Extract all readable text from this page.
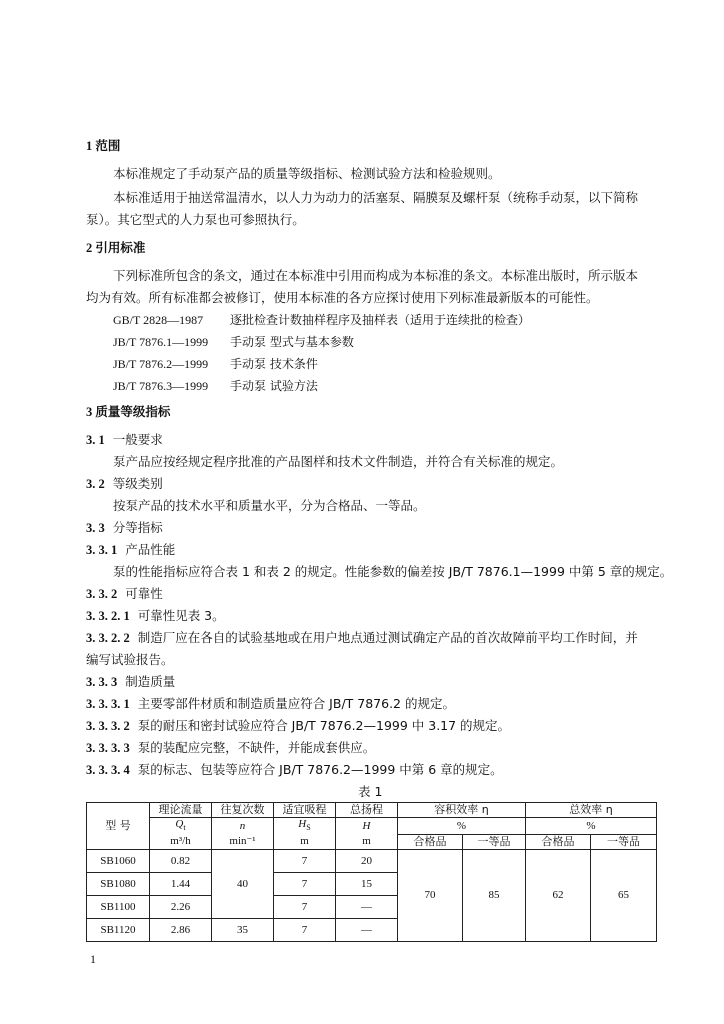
1 范围
本标准规定了手动泵产品的质量等级指标、检测试验方法和检验规则。
本标准适用于抽送常温清水，以人力为动力的活塞泵、隔膜泵及螺杆泵（统称手动泵，以下简称
泵）。其它型式的人力泵也可参照执行。
2 引用标准
下列标准所包含的条文，通过在本标准中引用而构成为本标准的条文。本标准出版时，所示版本
均为有效。所有标准都会被修订，使用本标准的各方应探讨使用下列标准最新版本的可能性。
GB/T 2828—1987 逐批检查计数抽样程序及抽样表（适用于连续批的检查）
JB/T 7876.1—1999 手动泵 型式与基本参数
JB/T 7876.2—1999 手动泵 技术条件
JB/T 7876.3—1999 手动泵 试验方法
3 质量等级指标
3. 1 一般要求
泵产品应按经规定程序批准的产品图样和技术文件制造，并符合有关标准的规定。
3. 2 等级类别
按泵产品的技术水平和质量水平，分为合格品、一等品。
3. 3 分等指标
3. 3. 1 产品性能
泵的性能指标应符合表 1 和表 2 的规定。性能参数的偏差按 JB/T 7876.1—1999 中第 5 章的规定。
3. 3. 2 可靠性
3. 3. 2. 1 可靠性见表 3。
3. 3. 2. 2 制造厂应在各自的试验基地或在用户地点通过测试确定产品的首次故障前平均工作时间，并
编写试验报告。
3. 3. 3 制造质量
3. 3. 3. 1 主要零部件材质和制造质量应符合 JB/T 7876.2 的规定。
3. 3. 3. 2 泵的耐压和密封试验应符合 JB/T 7876.2—1999 中 3.17 的规定。
3. 3. 3. 3 泵的装配应完整，不缺件，并能成套供应。
3. 3. 3. 4 泵的标志、包装等应符合 JB/T 7876.2—1999 中第 6 章的规定。
表 1
型 号	理论流量	往复次数	适宜吸程	总扬程	容积效率 η		总效率 η	
	$Q_t$	n	$H_S$	H	%		%	
	m³/h	min⁻¹	m	m	合格品	一等品	合格品	一等品
SB1060	0.82	40	7	20	70	85	62	65
SB1080	1.44		7	15				
SB1100	2.26		7	—				
SB1120	2.86	35	7	—				
1
